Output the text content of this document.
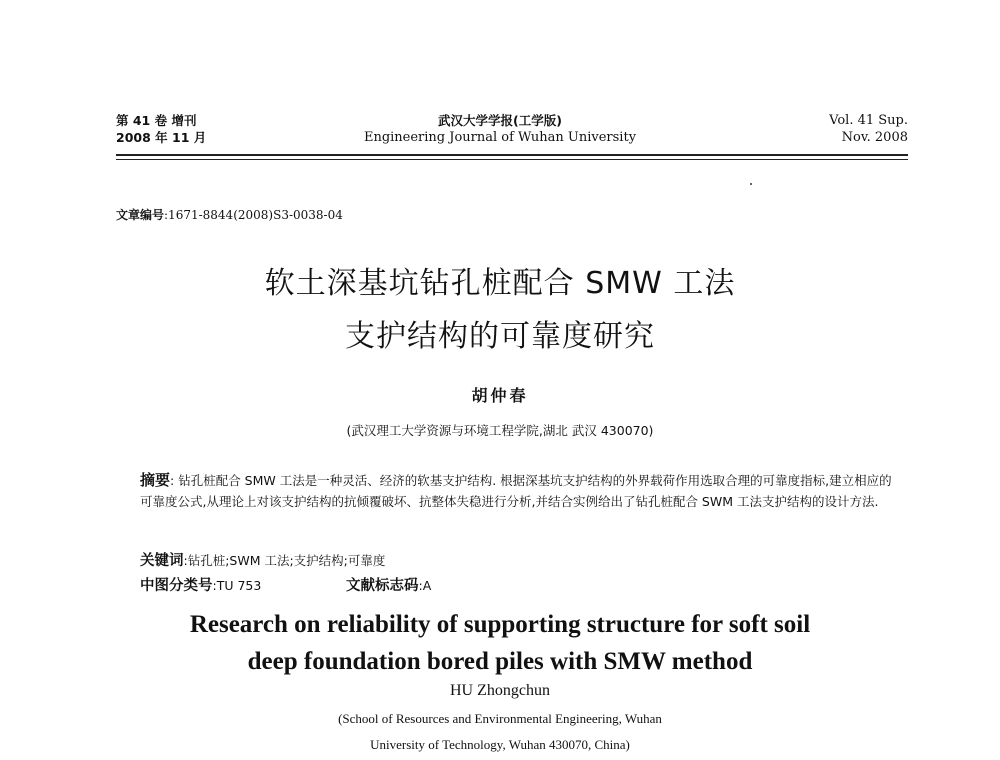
第 41 卷 增刊
2008 年 11 月
武汉大学学报(工学版)
Engineering Journal of Wuhan University
Vol. 41 Sup.
Nov. 2008
文章编号:1671-8844(2008)S3-0038-04
软土深基坑钻孔桩配合 SMW 工法
支护结构的可靠度研究
胡仲春
(武汉理工大学资源与环境工程学院,湖北 武汉 430070)
摘要: 钻孔桩配合 SMW 工法是一种灵活、经济的软基支护结构. 根据深基坑支护结构的外界载荷作用选取合理的可靠度指标,建立相应的可靠度公式,从理论上对该支护结构的抗倾覆破坏、抗整体失稳进行分析,并结合实例给出了钻孔桩配合 SWM 工法支护结构的设计方法.
关键词:钻孔桩;SWM 工法;支护结构;可靠度
中图分类号:TU 753	文献标志码:A
Research on reliability of supporting structure for soft soil
deep foundation bored piles with SMW method
HU Zhongchun
(School of Resources and Environmental Engineering, Wuhan
University of Technology, Wuhan 430070, China)
